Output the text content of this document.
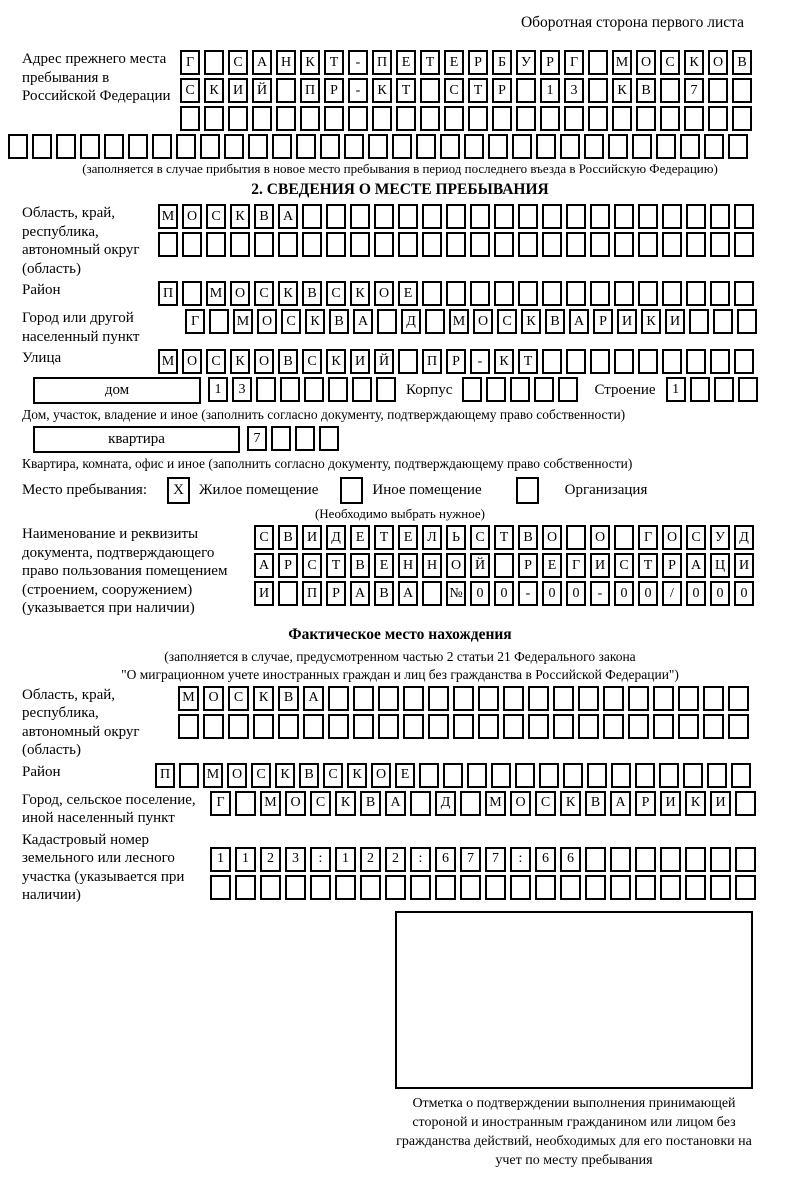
Оборотная сторона первого листа
Адрес прежнего места пребывания в Российской Федерации
Г	С	А Н	К	Т	-	П	Е	Т	Е	Р	Б	У	Р	Г	М О	С	К	О	В
С	К	И Й	П	Р	-	К	Т	С	Т	Р	1	3	К	В	7
(заполняется в случае прибытия в новое место пребывания в период последнего въезда в Российскую Федерацию)
2. СВЕДЕНИЯ О МЕСТЕ ПРЕБЫВАНИЯ
Область, край, республика, автономный округ (область)
М О	С	К	В	А
Район	П	М О	С	К	В	С	К	О	Е
Город или другой населенный пункт
Г	М О	С	К	В	А	Д	М О	С	К	В	А	Р	И	К	И
Улица	М О	С	К	О	В	С	К	И Й	П	Р	-	К	Т
дом	1	3	Корпус	Строение	1
Дом, участок, владение и иное (заполнить согласно документу, подтверждающему право собственности)
квартира	7
Квартира, комната, офис и иное (заполнить согласно документу, подтверждающему право собственности)
Место пребывания:	Х	Жилое помещение	Иное помещение	Организация
(Необходимо выбрать нужное)
Наименование и реквизиты документа, подтверждающего право пользования помещением (строением, сооружением) (указывается при наличии)
С	В	И	Д	Е	Т	Е	Л	Ь	С	Т	В	О	О	Г	О	С	У	Д
А	Р	С	Т	В	Е	Н Н О Й	Р	Е	Г	И	С	Т	Р	А Ц И
И	П	Р	А	В	А	№ 0	0	-	0	0	-	0	0	/	0	0	0
Фактическое место нахождения
(заполняется в случае, предусмотренном частью 2 статьи 21 Федерального закона
"О миграционном учете иностранных граждан и лиц без гражданства в Российской Федерации")
Область, край, республика, автономный округ (область)
М О	С	К	В	А
Район	П	М О	С	К	В	С	К	О	Е
Город, сельское поселение, иной населенный пункт
Г	М О	С	К	В	А	Д	М О	С	К	В	А	Р	И	К	И
Кадастровый номер земельного или лесного участка (указывается при наличии)
1	1	2	3	:	1	2	2	:	6	7	7	:	6	6
Отметка о подтверждении выполнения принимающей стороной и иностранным гражданином или лицом без гражданства действий, необходимых для его постановки на учет по месту пребывания
